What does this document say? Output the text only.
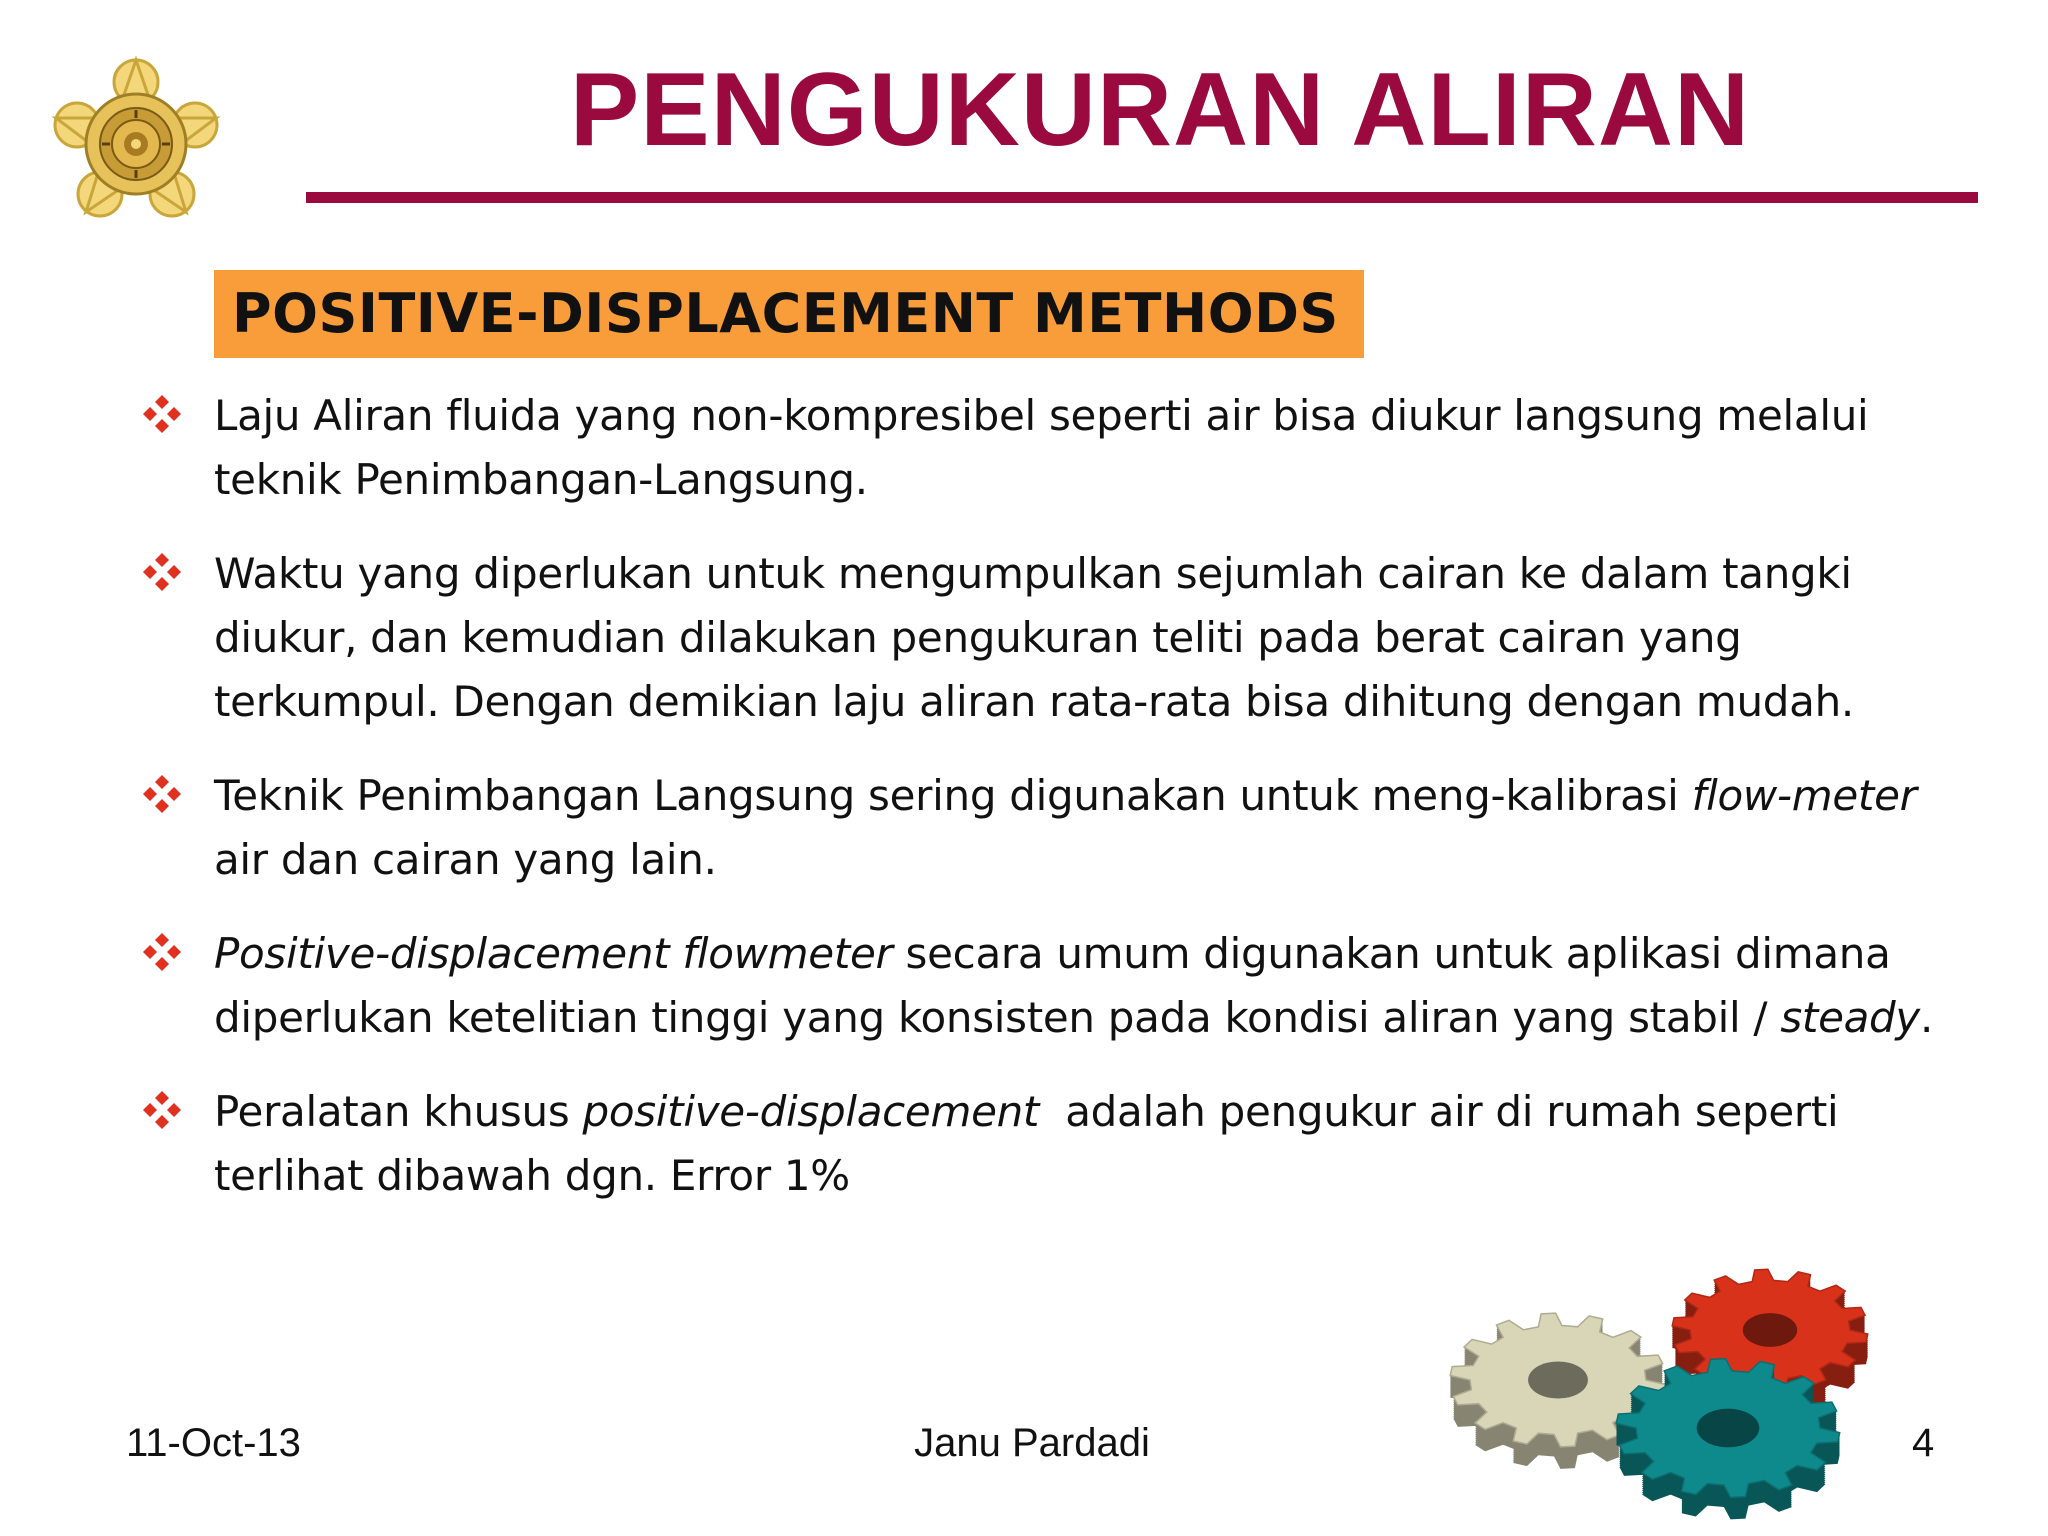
PENGUKURAN ALIRAN
POSITIVE-DISPLACEMENT METHODS
Laju Aliran fluida yang non-kompresibel seperti air bisa diukur langsung melalui teknik Penimbangan-Langsung.
Waktu yang diperlukan untuk mengumpulkan sejumlah cairan ke dalam tangki diukur, dan kemudian dilakukan pengukuran teliti pada berat cairan yang terkumpul. Dengan demikian laju aliran rata-rata bisa dihitung dengan mudah.
Teknik Penimbangan Langsung sering digunakan untuk meng-kalibrasi flow-meter air dan cairan yang lain.
Positive-displacement flowmeter secara umum digunakan untuk aplikasi dimana diperlukan ketelitian tinggi yang konsisten pada kondisi aliran yang stabil / steady.
Peralatan khusus positive-displacement  adalah pengukur air di rumah seperti terlihat dibawah dgn. Error 1%
11-Oct-13	Janu Pardadi	4
